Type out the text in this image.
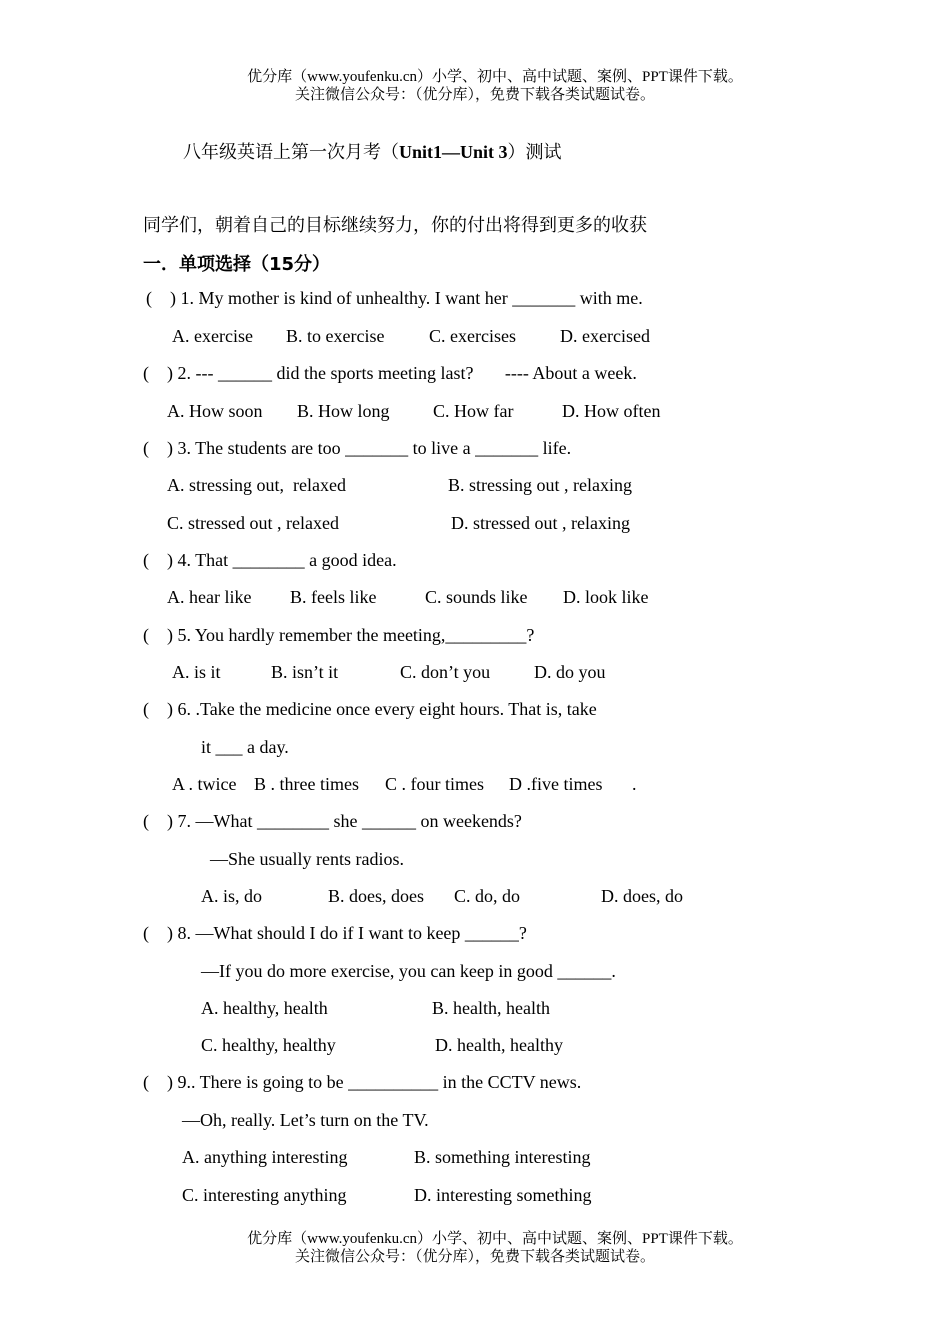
优分库（www.youfenku.cn）小学、初中、高中试题、案例、PPT课件下载。
关注微信公众号：（优分库），免费下载各类试题试卷。
八年级英语上第一次月考（Unit1—Unit 3）测试
同学们，朝着自己的目标继续努力，你的付出将得到更多的收获
一．单项选择（15分）
(    ) 1. My mother is kind of unhealthy. I want her _______ with me.
A. exercise B. to exercise C. exercises D. exercised
(    ) 2. --- ______ did the sports meeting last?       ---- About a week.
A. How soon B. How long C. How far	D. How often
(    ) 3. The students are too _______ to live a _______ life.
A. stressing out,  relaxed	B. stressing out , relaxing
C. stressed out , relaxed	D. stressed out , relaxing
(    ) 4. That ________ a good idea.
A. hear like B. feels like	C. sounds like D. look like
(    ) 5. You hardly remember the meeting,_________?
A. is it	B. isn’t it	C. don’t you D. do you
(    ) 6. .Take the medicine once every eight hours. That is, take
it ___ a day.
A . twice B . three times C . four times D .five times .
(    ) 7. —What ________ she ______ on weekends?
—She usually rents radios.
A. is, do	B. does, does C. do, do	D. does, do
(    ) 8. —What should I do if I want to keep ______?
—If you do more exercise, you can keep in good ______.
A. healthy, health	B. health, health
C. healthy, healthy	D. health, healthy
(    ) 9.. There is going to be __________ in the CCTV news.
—Oh, really. Let’s turn on the TV.
A. anything interesting	B. something interesting
C. interesting anything	D. interesting something
优分库（www.youfenku.cn）小学、初中、高中试题、案例、PPT课件下载。
关注微信公众号：（优分库），免费下载各类试题试卷。
